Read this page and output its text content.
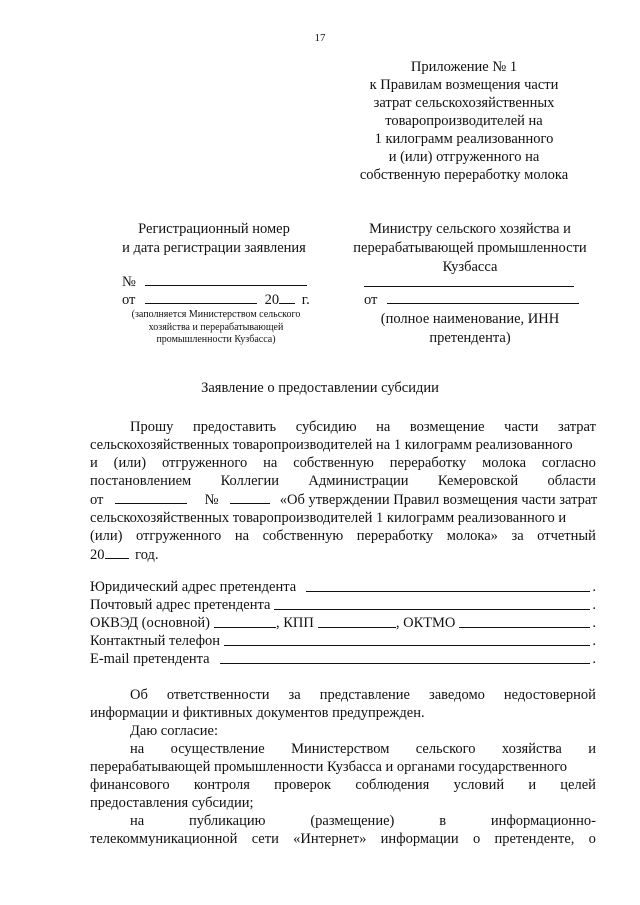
17
Приложение № 1
к Правилам возмещения части
затрат сельскохозяйственных
товаропроизводителей на
1 килограмм реализованного
и (или) отгруженного на
собственную переработку молока
Регистрационный номер
и дата регистрации заявления
№
от	20 г.
(заполняется Министерством сельского
хозяйства и перерабатывающей
промышленности Кузбасса)
Министру сельского хозяйства и
перерабатывающей промышленности
Кузбасса
от
(полное наименование, ИНН
претендента)
Заявление о предоставлении субсидии
Прошу предоставить субсидию на возмещение части затрат
сельскохозяйственных товаропроизводителей на 1 килограмм реализованного
и (или) отгруженного на собственную переработку молока согласно
постановлением Коллегии Администрации Кемеровской области
от	№	«Об утверждении Правил возмещения части затрат
сельскохозяйственных товаропроизводителей 1 килограмм реализованного и
(или) отгруженного на собственную переработку молока» за отчетный
20 год.
Юридический адрес претендента	.
Почтовый адрес претендента	.
ОКВЭД (основной)	, КПП	, ОКТМО	.
Контактный телефон	.
E-mail претендента	.
Об ответственности за представление заведомо недостоверной
информации и фиктивных документов предупрежден.
Даю согласие:
на осуществление Министерством сельского хозяйства и
перерабатывающей промышленности Кузбасса и органами государственного
финансового контроля проверок соблюдения условий и целей
предоставления субсидии;
на	публикацию	(размещение)	в	информационно-
телекоммуникационной сети «Интернет» информации о претенденте, о
